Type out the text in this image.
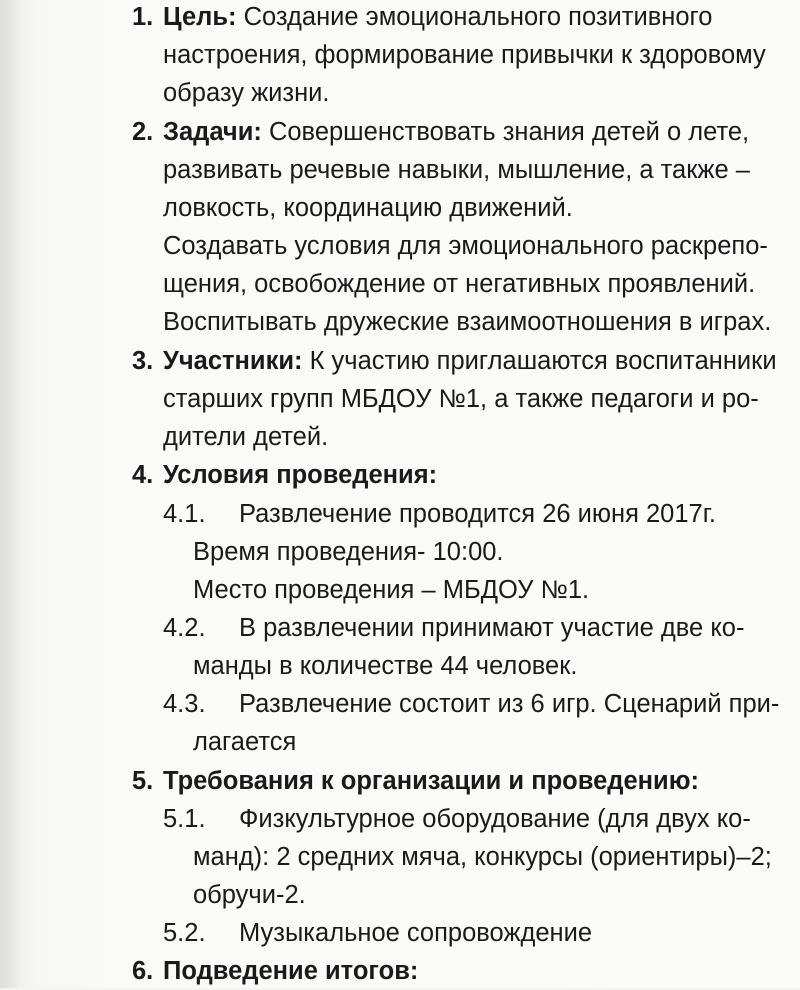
1. Цель: Создание эмоционального позитивного
настроения, формирование привычки к здоровому
образу жизни.
2. Задачи: Совершенствовать знания детей о лете,
развивать речевые навыки, мышление, а также –
ловкость, координацию движений.
Создавать условия для эмоционального раскрепо-
щения, освобождение от негативных проявлений.
Воспитывать дружеские взаимоотношения в играх.
3. Участники: К участию приглашаются воспитанники
старших групп МБДОУ №1, а также педагоги и ро-
дители детей.
4. Условия проведения:
4.1. Развлечение проводится 26 июня 2017г.
Время проведения- 10:00.
Место проведения – МБДОУ №1.
4.2. В развлечении принимают участие две ко-
манды в количестве 44 человек.
4.3. Развлечение состоит из 6 игр. Сценарий при-
лагается
5. Требования к организации и проведению:
5.1. Физкультурное оборудование (для двух ко-
манд): 2 средних мяча, конкурсы (ориентиры)–2;
обручи-2.
5.2. Музыкальное сопровождение
6. Подведение итогов:
